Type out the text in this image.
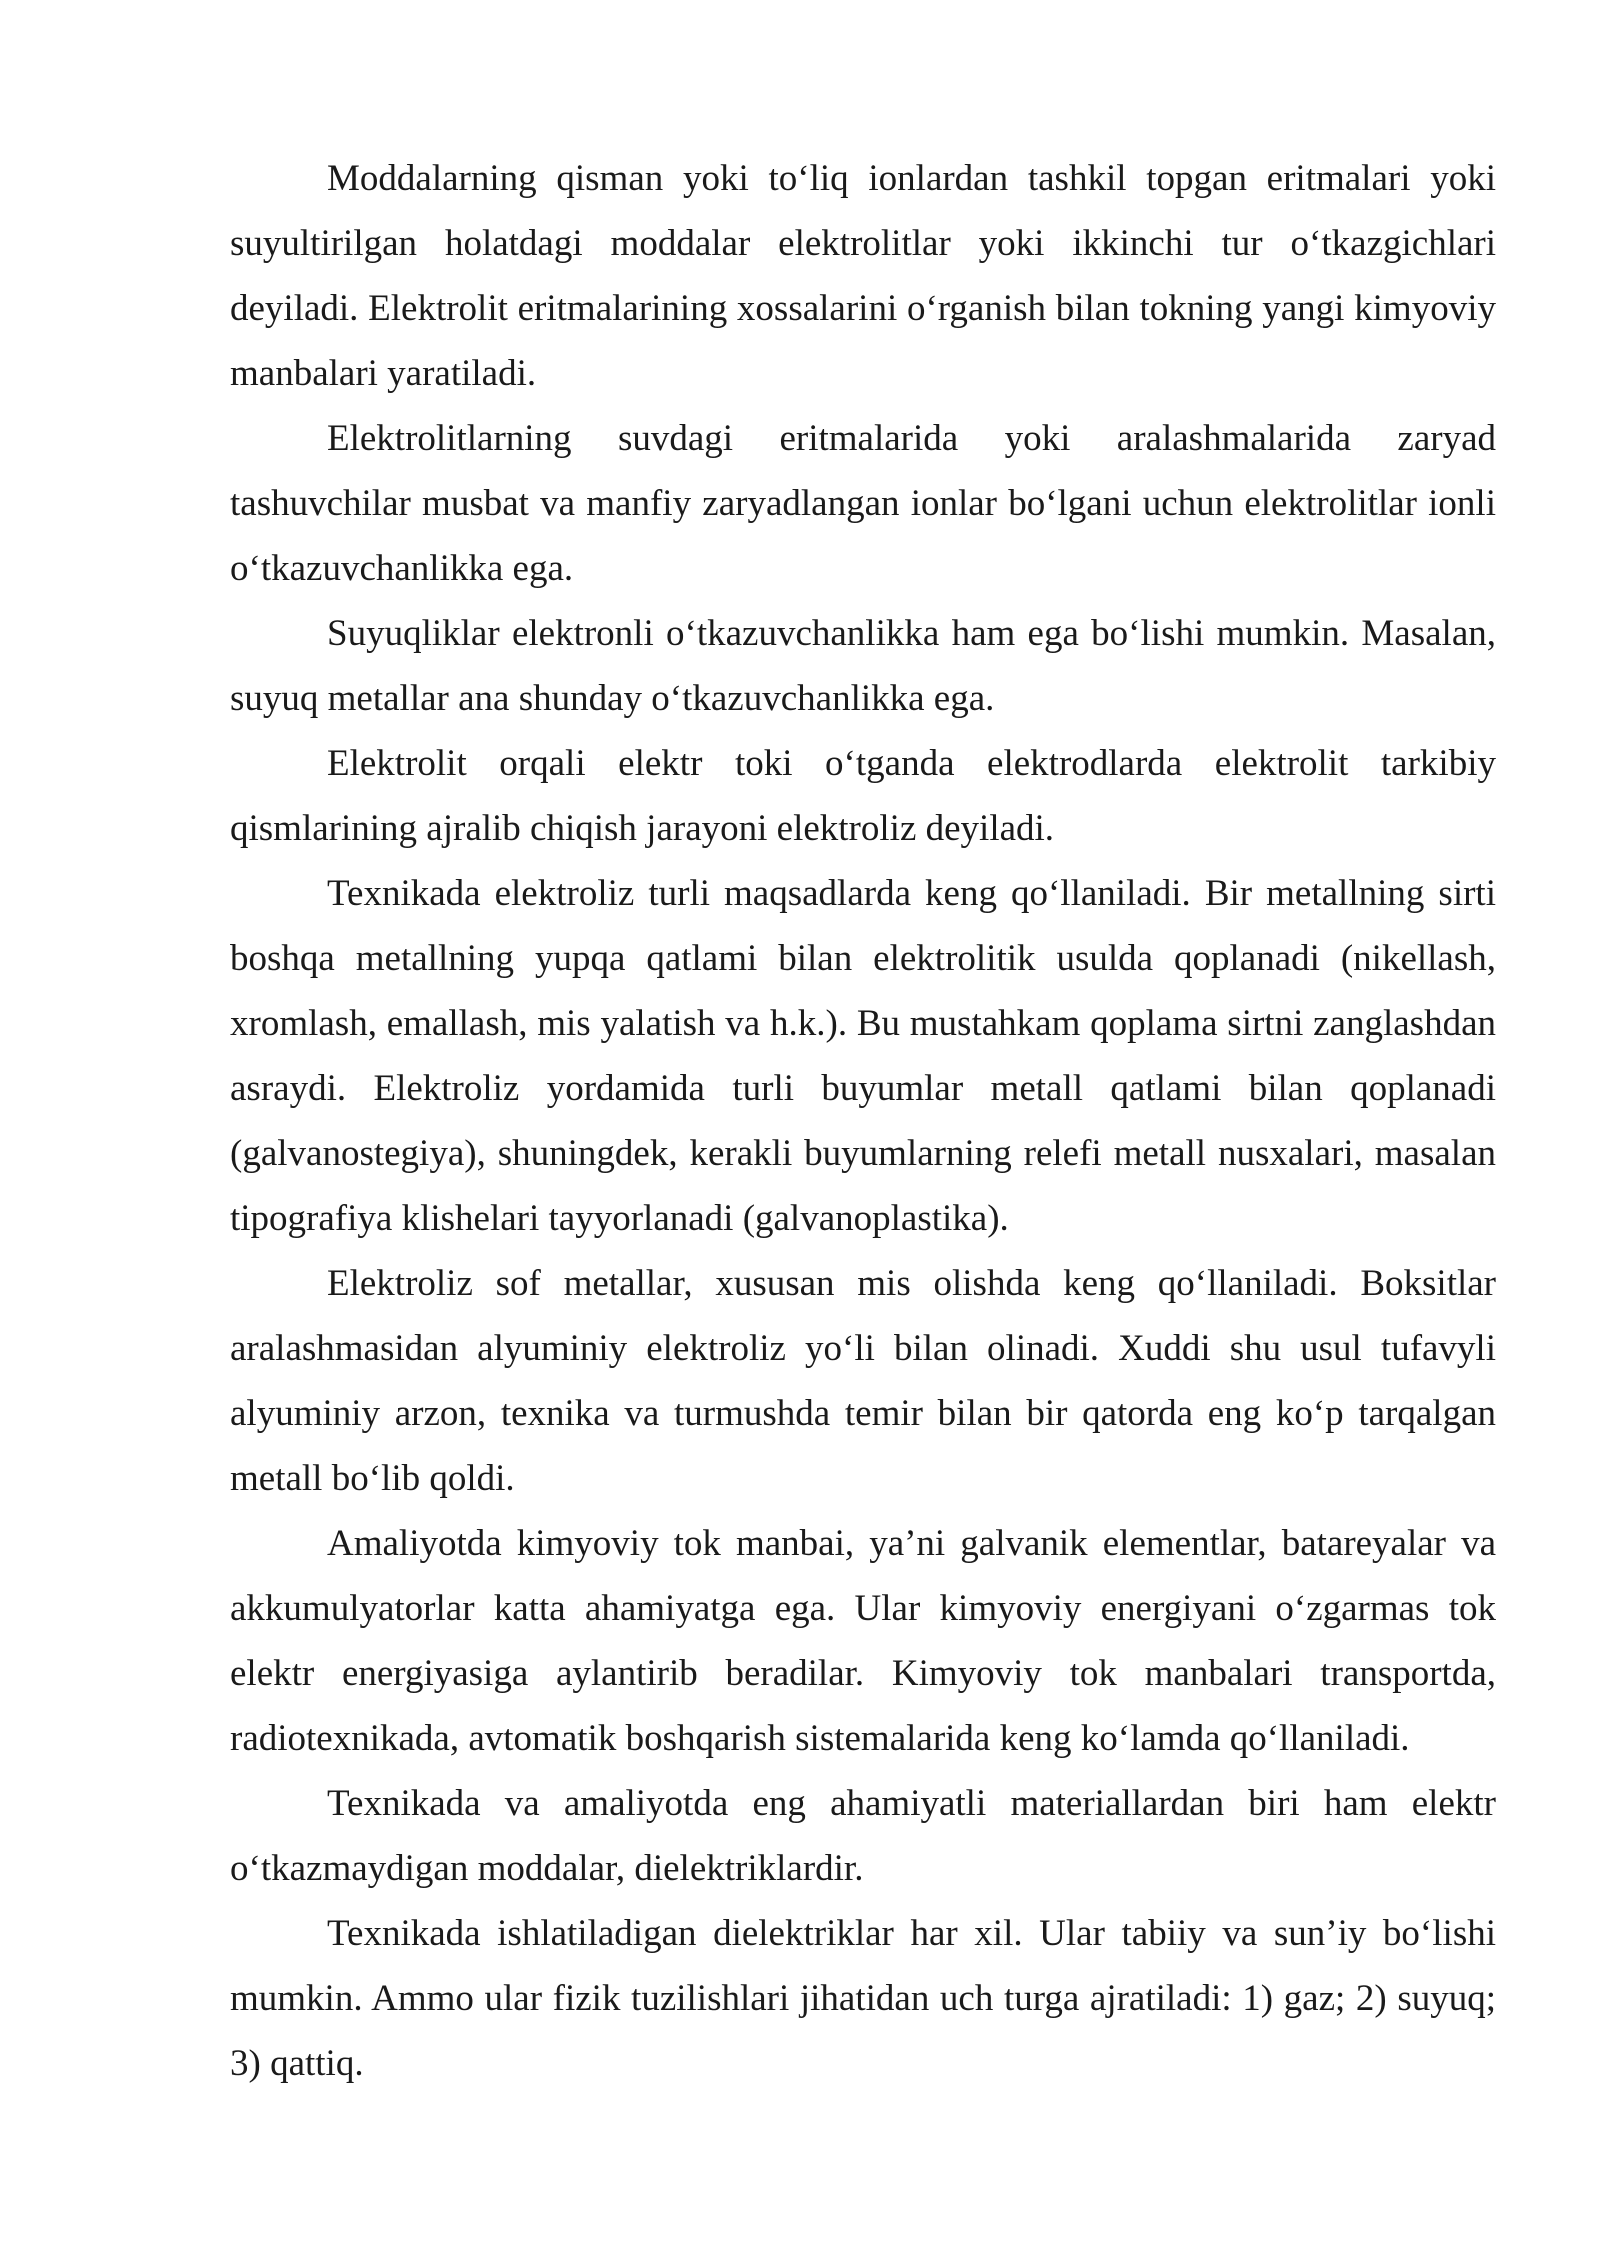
Moddalarning qisman yoki to‘liq ionlardan tashkil topgan eritmalari yoki suyultirilgan holatdagi moddalar elektrolitlar yoki ikkinchi tur o‘tkazgichlari deyiladi. Elektrolit eritmalarining xossalarini o‘rganish bilan tokning yangi kimyoviy manbalari yaratiladi.

Elektrolitlarning suvdagi eritmalarida yoki aralashmalarida zaryad tashuvchilar musbat va manfiy zaryadlangan ionlar bo‘lgani uchun elektrolitlar ionli o‘tkazuvchanlikka ega.

Suyuqliklar elektronli o‘tkazuvchanlikka ham ega bo‘lishi mumkin. Masalan, suyuq metallar ana shunday o‘tkazuvchanlikka ega.

Elektrolit orqali elektr toki o‘tganda elektrodlarda elektrolit tarkibiy qismlarining ajralib chiqish jarayoni elektroliz deyiladi.

Texnikada elektroliz turli maqsadlarda keng qo‘llaniladi. Bir metallning sirti boshqa metallning yupqa qatlami bilan elektrolitik usulda qoplanadi (nikellash, xromlash, emallash, mis yalatish va h.k.). Bu mustahkam qoplama sirtni zanglashdan asraydi. Elektroliz yordamida turli buyumlar metall qatlami bilan qoplanadi (galvanostegiya), shuningdek, kerakli buyumlarning relefi metall nusxalari, masalan tipografiya klishelari tayyorlanadi (galvanoplastika).

Elektroliz sof metallar, xususan mis olishda keng qo‘llaniladi. Boksitlar aralashmasidan alyuminiy elektroliz yo‘li bilan olinadi. Xuddi shu usul tufavyli alyuminiy arzon, texnika va turmushda temir bilan bir qatorda eng ko‘p tarqalgan metall bo‘lib qoldi.

Amaliyotda kimyoviy tok manbai, ya’ni galvanik elementlar, batareyalar va akkumulyatorlar katta ahamiyatga ega. Ular kimyoviy energiyani o‘zgarmas tok elektr energiyasiga aylantirib beradilar. Kimyoviy tok manbalari transportda, radiotexnikada, avtomatik boshqarish sistemalarida keng ko‘lamda qo‘llaniladi.

Texnikada va amaliyotda eng ahamiyatli materiallardan biri ham elektr o‘tkazmaydigan moddalar, dielektriklardir.

Texnikada ishlatiladigan dielektriklar har xil. Ular tabiiy va sun’iy bo‘lishi mumkin. Ammo ular fizik tuzilishlari jihatidan uch turga ajratiladi: 1) gaz; 2) suyuq; 3) qattiq.
